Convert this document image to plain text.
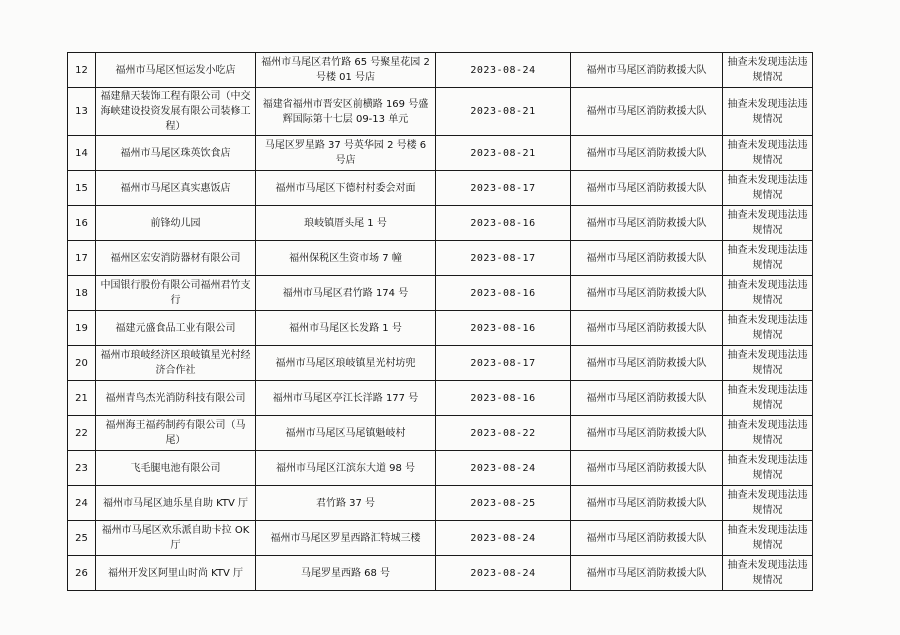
12	福州市马尾区恒运发小吃店	福州市马尾区君竹路 65 号聚星花园 2 号楼 01 号店	2023-08-24	福州市马尾区消防救援大队	抽查未发现违法违规情况
13	福建鼎天装饰工程有限公司（中交海峡建设投资发展有限公司装修工程）	福建省福州市晋安区前横路 169 号盛辉国际第十七层 09-13 单元	2023-08-21	福州市马尾区消防救援大队	抽查未发现违法违规情况
14	福州市马尾区珠英饮食店	马尾区罗星路 37 号英华园 2 号楼 6 号店	2023-08-21	福州市马尾区消防救援大队	抽查未发现违法违规情况
15	福州市马尾区真实惠饭店	福州市马尾区下德村村委会对面	2023-08-17	福州市马尾区消防救援大队	抽查未发现违法违规情况
16	前锋幼儿园	琅岐镇厝头尾 1 号	2023-08-16	福州市马尾区消防救援大队	抽查未发现违法违规情况
17	福州区宏安消防器材有限公司	福州保税区生资市场 7 幢	2023-08-17	福州市马尾区消防救援大队	抽查未发现违法违规情况
18	中国银行股份有限公司福州君竹支行	福州市马尾区君竹路 174 号	2023-08-16	福州市马尾区消防救援大队	抽查未发现违法违规情况
19	福建元盛食品工业有限公司	福州市马尾区长发路 1 号	2023-08-16	福州市马尾区消防救援大队	抽查未发现违法违规情况
20	福州市琅岐经济区琅岐镇星光村经济合作社	福州市马尾区琅岐镇星光村坊兜	2023-08-17	福州市马尾区消防救援大队	抽查未发现违法违规情况
21	福州青鸟杰光消防科技有限公司	福州市马尾区亭江长洋路 177 号	2023-08-16	福州市马尾区消防救援大队	抽查未发现违法违规情况
22	福州海王福药制药有限公司（马尾）	福州市马尾区马尾镇魁岐村	2023-08-22	福州市马尾区消防救援大队	抽查未发现违法违规情况
23	飞毛腿电池有限公司	福州市马尾区江滨东大道 98 号	2023-08-24	福州市马尾区消防救援大队	抽查未发现违法违规情况
24	福州市马尾区迪乐星自助 KTV 厅	君竹路 37 号	2023-08-25	福州市马尾区消防救援大队	抽查未发现违法违规情况
25	福州市马尾区欢乐派自助卡拉 OK 厅	福州市马尾区罗星西路汇特城三楼	2023-08-24	福州市马尾区消防救援大队	抽查未发现违法违规情况
26	福州开发区阿里山时尚 KTV 厅	马尾罗星西路 68 号	2023-08-24	福州市马尾区消防救援大队	抽查未发现违法违规情况
